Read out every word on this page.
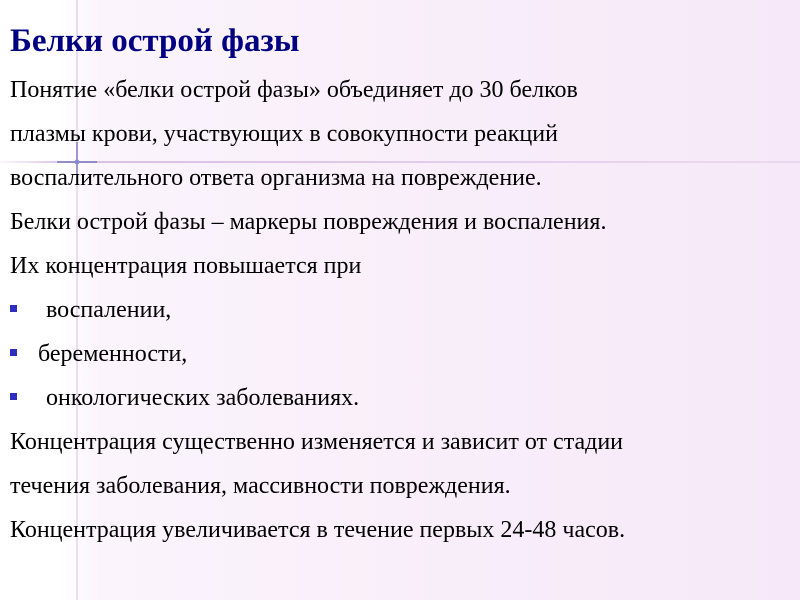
Белки острой фазы
Понятие «белки острой фазы» объединяет до 30 белков
плазмы крови, участвующих в совокупности реакций
воспалительного ответа организма на повреждение.
Белки острой фазы – маркеры повреждения и воспаления.
Их концентрация повышается при
воспалении,
беременности,
онкологических заболеваниях.
Концентрация существенно изменяется и зависит от стадии
течения заболевания, массивности повреждения.
Концентрация увеличивается в течение первых 24-48 часов.
